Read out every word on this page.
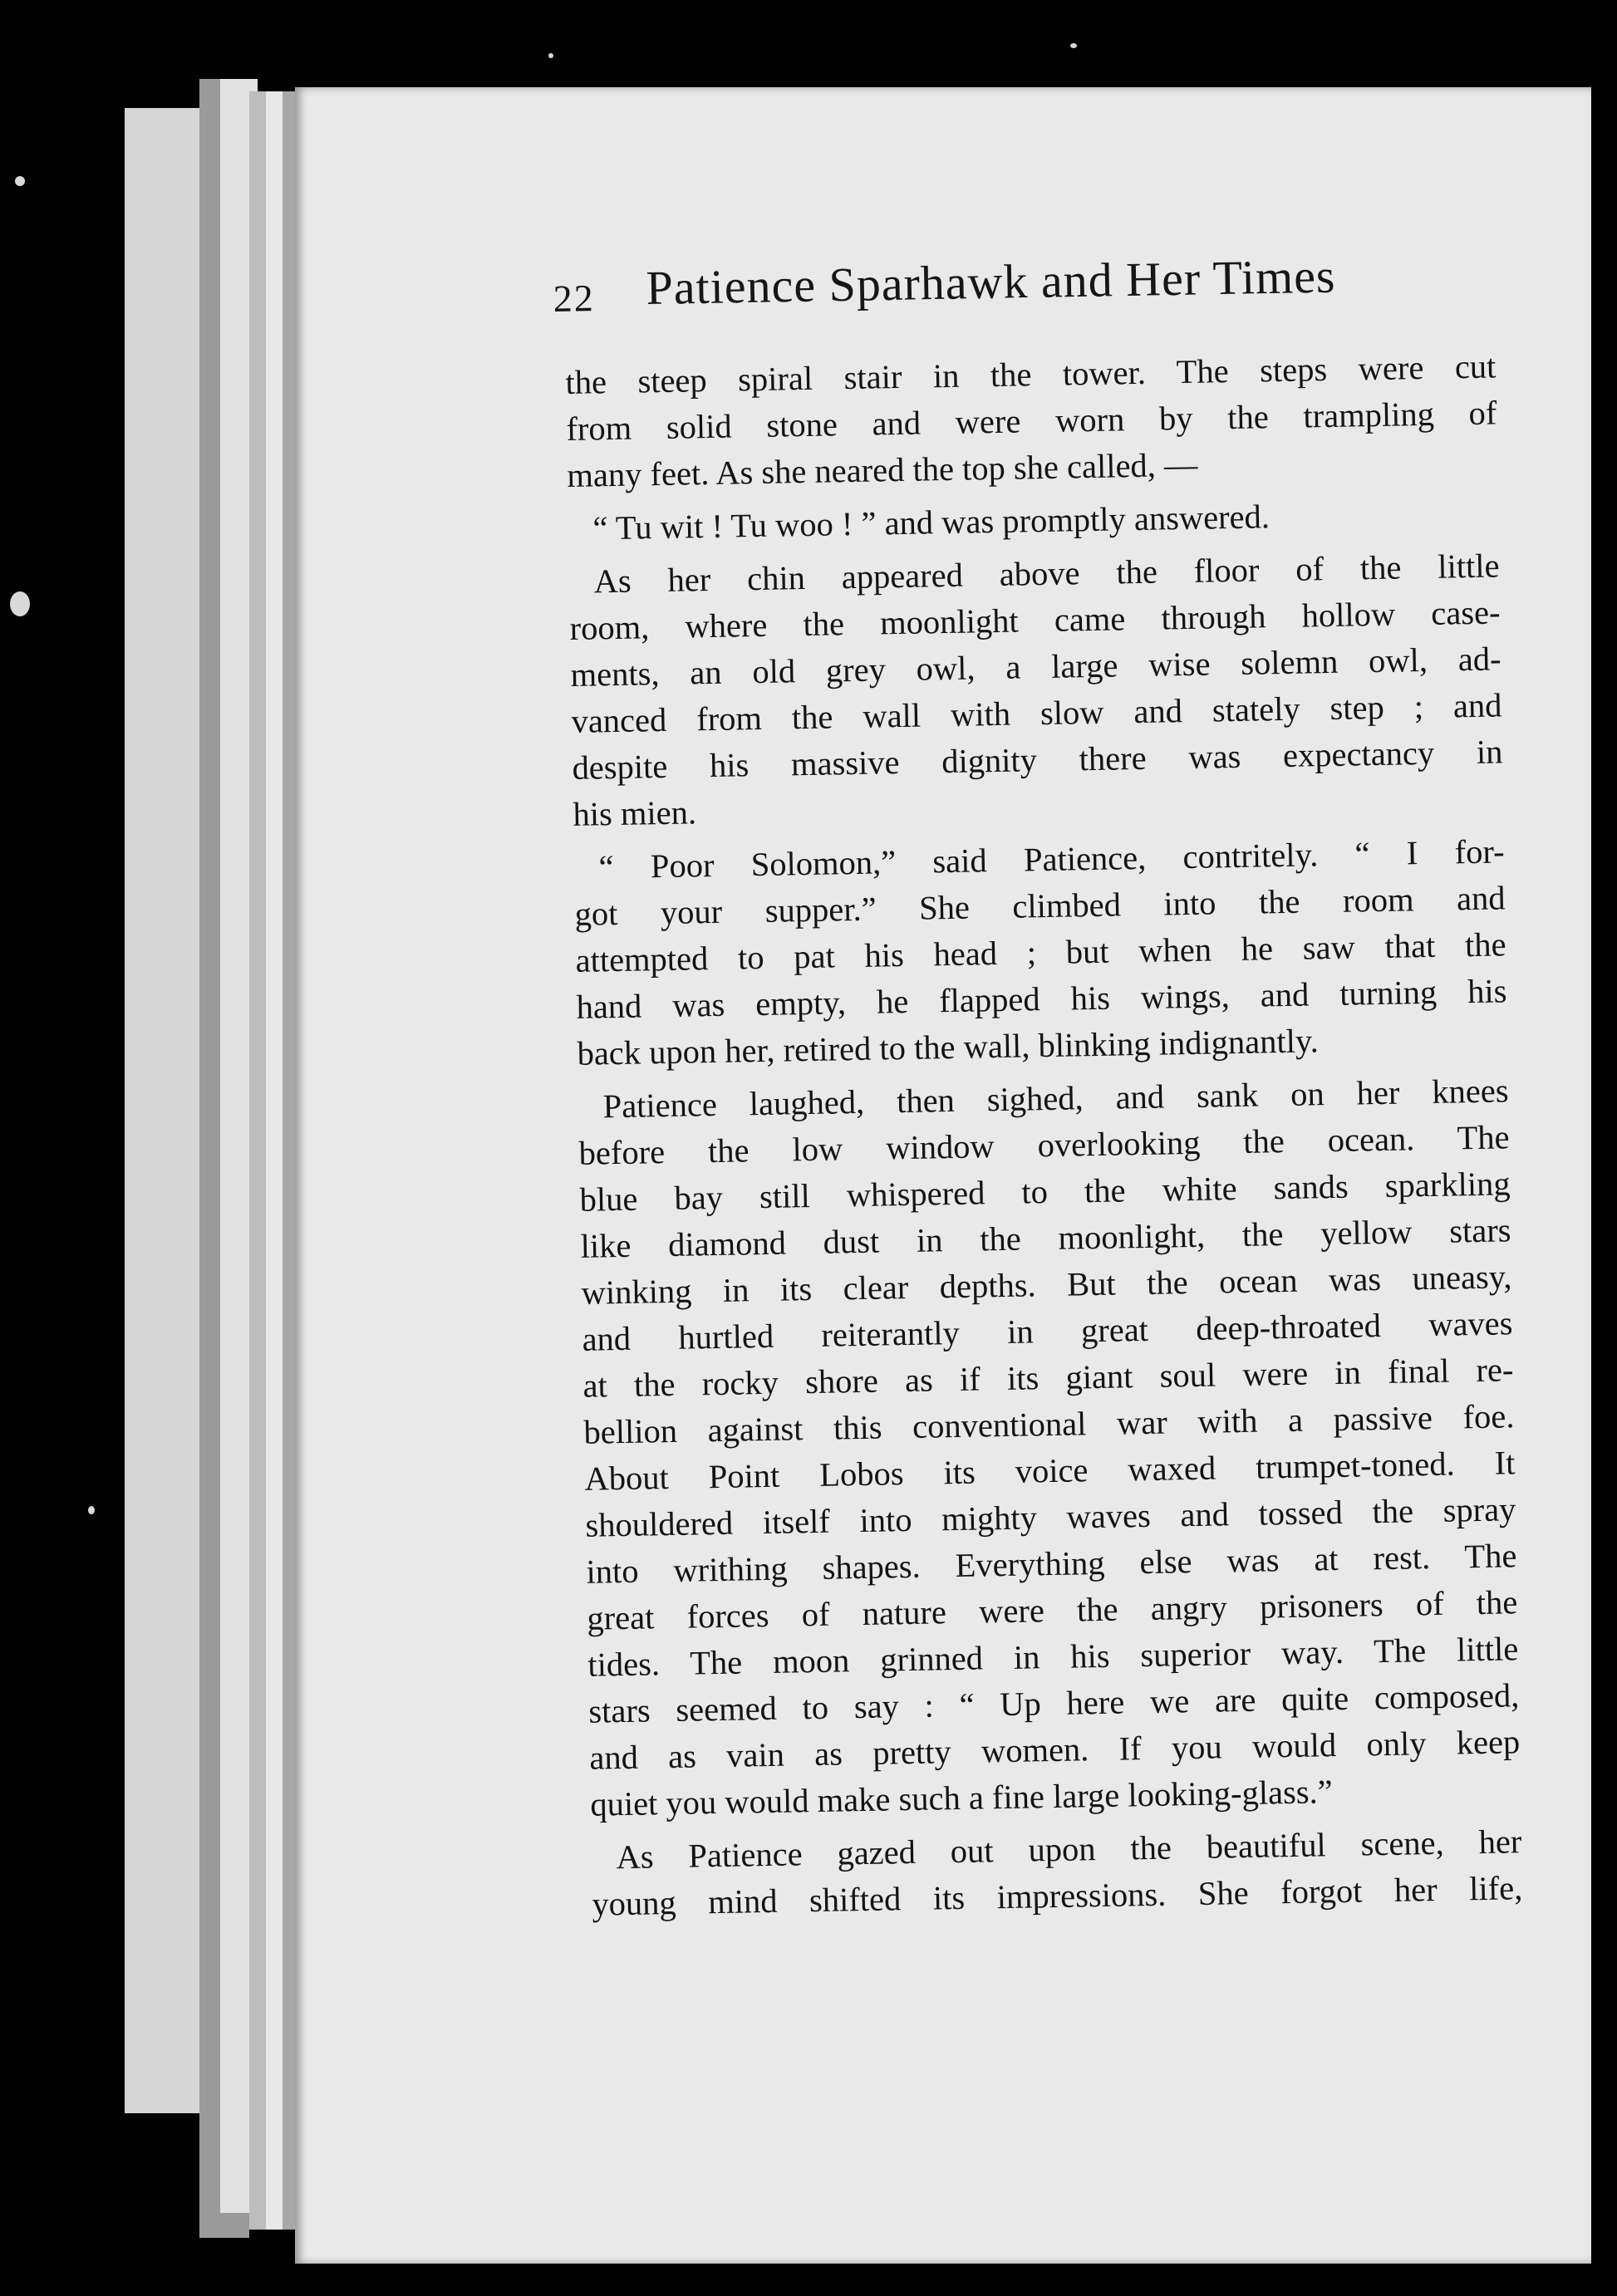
22 Patience Sparhawk and Her Times
the steep spiral stair in the tower. The steps were cut
from solid stone and were worn by the trampling of
many feet. As she neared the top she called, —
“ Tu wit ! Tu woo ! ” and was promptly answered.
As her chin appeared above the floor of the little
room, where the moonlight came through hollow case-
ments, an old grey owl, a large wise solemn owl, ad-
vanced from the wall with slow and stately step ; and
despite his massive dignity there was expectancy in
his mien.
“ Poor Solomon,” said Patience, contritely. “ I for-
got your supper.” She climbed into the room and
attempted to pat his head ; but when he saw that the
hand was empty, he flapped his wings, and turning his
back upon her, retired to the wall, blinking indignantly.
Patience laughed, then sighed, and sank on her knees
before the low window overlooking the ocean. The
blue bay still whispered to the white sands sparkling
like diamond dust in the moonlight, the yellow stars
winking in its clear depths. But the ocean was uneasy,
and hurtled reiterantly in great deep-throated waves
at the rocky shore as if its giant soul were in final re-
bellion against this conventional war with a passive foe.
About Point Lobos its voice waxed trumpet-toned. It
shouldered itself into mighty waves and tossed the spray
into writhing shapes. Everything else was at rest. The
great forces of nature were the angry prisoners of the
tides. The moon grinned in his superior way. The little
stars seemed to say : “ Up here we are quite composed,
and as vain as pretty women. If you would only keep
quiet you would make such a fine large looking-glass.”
As Patience gazed out upon the beautiful scene, her
young mind shifted its impressions. She forgot her life,
